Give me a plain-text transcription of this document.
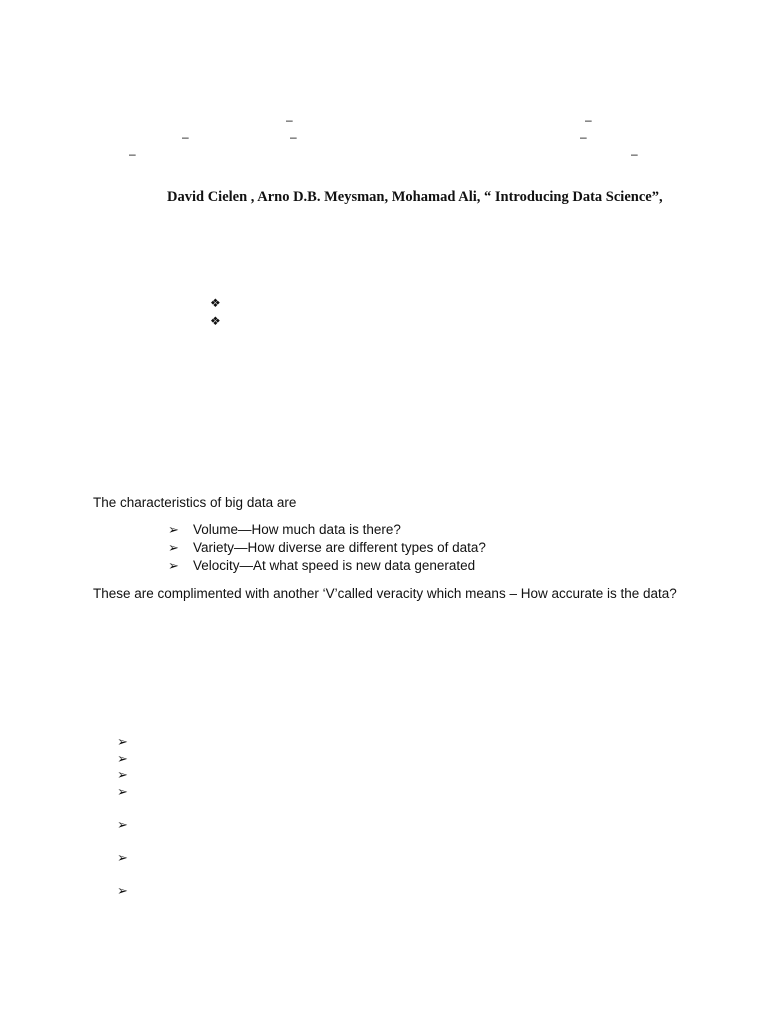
–	–
–	–	–
–	–
David Cielen , Arno D.B. Meysman, Mohamad Ali, “ Introducing Data Science”,
❖
❖
The characteristics of big data are
➢ Volume—How much data is there?
➢ Variety—How diverse are different types of data?
➢ Velocity—At what speed is new data generated
These are complimented with another ‘V’called veracity which means – How accurate is the data?
➢
➢
➢
➢
➢
➢
➢
